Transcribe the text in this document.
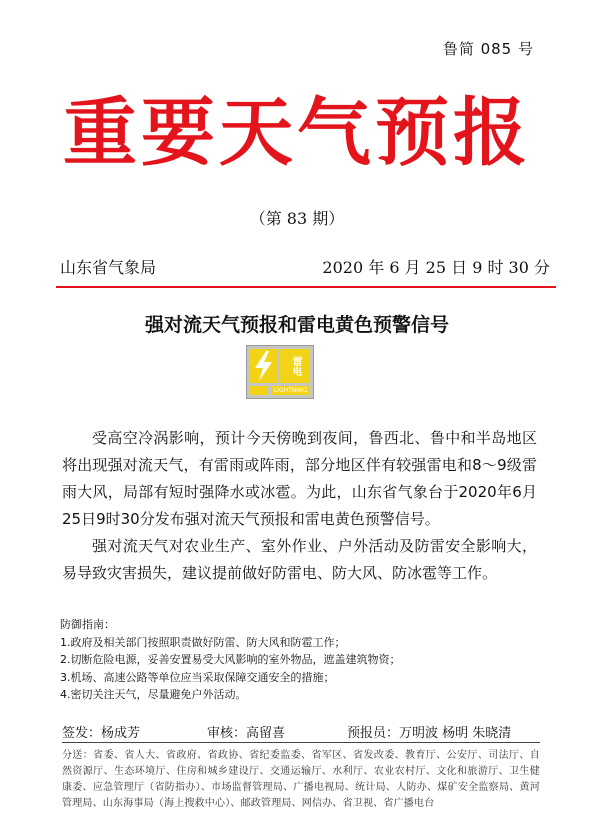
鲁简 085 号
重要天气预报
（第 83 期）
山东省气象局	2020 年 6 月 25 日 9 时 30 分
强对流天气预报和雷电黄色预警信号
雷电
LIGHTNING

受高空冷涡影响，预计今天傍晚到夜间，鲁西北、鲁中和半岛地区将出现强对流天气，有雷雨或阵雨，部分地区伴有较强雷电和8～9级雷雨大风，局部有短时强降水或冰雹。为此，山东省气象台于2020年6月25日9时30分发布强对流天气预报和雷电黄色预警信号。

强对流天气对农业生产、室外作业、户外活动及防雷安全影响大，易导致灾害损失，建议提前做好防雷电、防大风、防冰雹等工作。

防御指南：

1.政府及相关部门按照职责做好防雷、防大风和防雹工作；

2.切断危险电源，妥善安置易受大风影响的室外物品，遮盖建筑物资；

3.机场、高速公路等单位应当采取保障交通安全的措施；

4.密切关注天气，尽量避免户外活动。

签发：杨成芳	审核：高留喜	预报员：万明波 杨明 朱晓清
分送：省委、省人大、省政府、省政协、省纪委监委、省军区、省发改委、教育厅、公安厅、司法厅、自然资源厅、生态环境厅、住房和城乡建设厅、交通运输厅、水利厅、农业农村厅、文化和旅游厅、卫生健康委、应急管理厅（省防指办）、市场监督管理局、广播电视局、统计局、人防办、煤矿安全监察局、黄河管理局、山东海事局（海上搜救中心）、邮政管理局、网信办、省卫视、省广播电台
